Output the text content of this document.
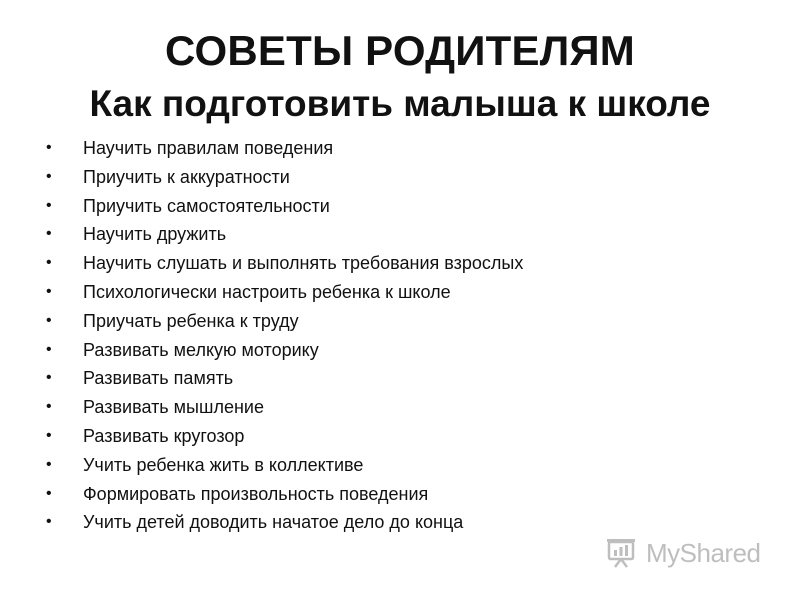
СОВЕТЫ РОДИТЕЛЯМ
Как подготовить малыша к школе
• Научить правилам поведения
• Приучить к аккуратности
• Приучить самостоятельности
• Научить дружить
• Научить слушать и выполнять требования взрослых
• Психологически настроить ребенка к школе
• Приучать ребенка к труду
• Развивать мелкую моторику
• Развивать память
• Развивать мышление
• Развивать кругозор
• Учить ребенка жить в коллективе
• Формировать произвольность поведения
• Учить детей доводить начатое дело до конца
MyShared
